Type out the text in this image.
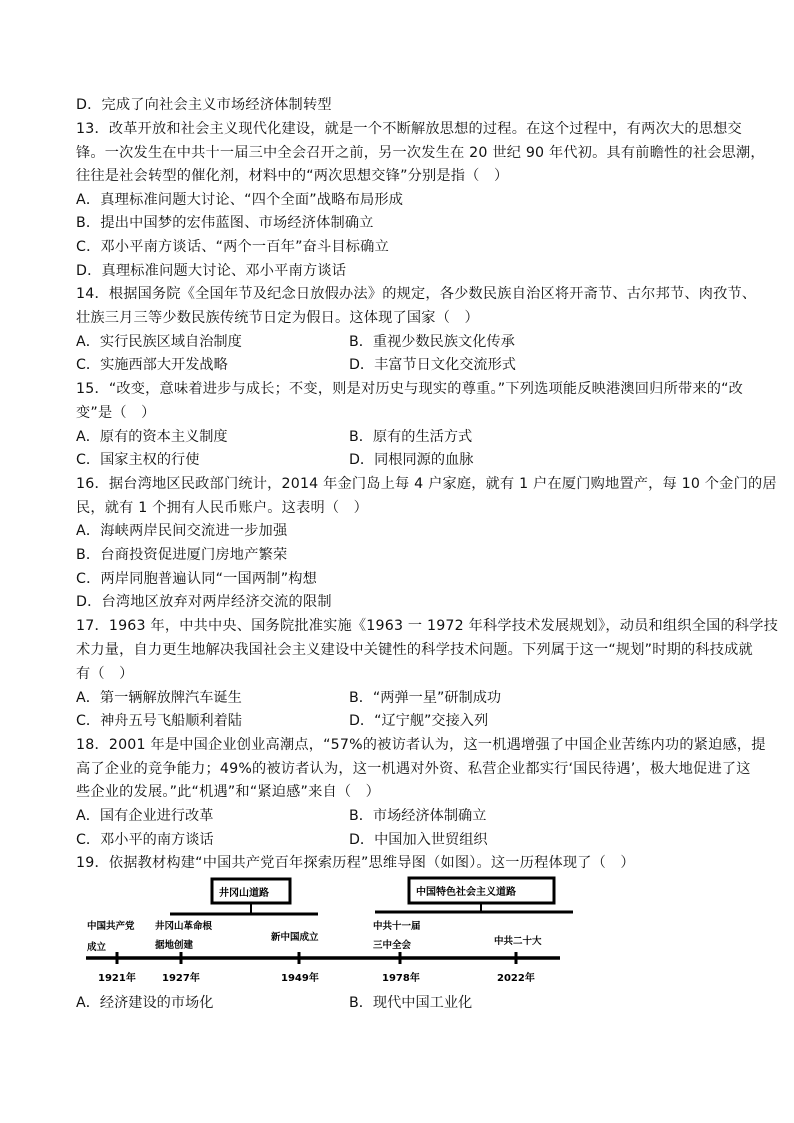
D．完成了向社会主义市场经济体制转型
13．改革开放和社会主义现代化建设，就是一个不断解放思想的过程。在这个过程中，有两次大的思想交
锋。一次发生在中共十一届三中全会召开之前，另一次发生在 20 世纪 90 年代初。具有前瞻性的社会思潮，
往往是社会转型的催化剂，材料中的“两次思想交锋”分别是指（　）
A．真理标准问题大讨论、“四个全面”战略布局形成
B．提出中国梦的宏伟蓝图、市场经济体制确立
C．邓小平南方谈话、“两个一百年”奋斗目标确立
D．真理标准问题大讨论、邓小平南方谈话
14．根据国务院《全国年节及纪念日放假办法》的规定，各少数民族自治区将开斋节、古尔邦节、肉孜节、
壮族三月三等少数民族传统节日定为假日。这体现了国家（　）
A．实行民族区域自治制度	B．重视少数民族文化传承
C．实施西部大开发战略	D．丰富节日文化交流形式
15．“改变，意味着进步与成长；不变，则是对历史与现实的尊重。”下列选项能反映港澳回归所带来的“改
变”是（　）
A．原有的资本主义制度	B．原有的生活方式
C．国家主权的行使	D．同根同源的血脉
16．据台湾地区民政部门统计，2014 年金门岛上每 4 户家庭，就有 1 户在厦门购地置产，每 10 个金门的居
民，就有 1 个拥有人民币账户。这表明（　）
A．海峡两岸民间交流进一步加强
B．台商投资促进厦门房地产繁荣
C．两岸同胞普遍认同“一国两制”构想
D．台湾地区放弃对两岸经济交流的限制
17．1963 年，中共中央、国务院批准实施《1963 一 1972 年科学技术发展规划》，动员和组织全国的科学技
术力量，自力更生地解决我国社会主义建设中关键性的科学技术问题。下列属于这一“规划”时期的科技成就
有（　）
A．第一辆解放牌汽车诞生	B．“两弹一星”研制成功
C．神舟五号飞船顺利着陆	D．“辽宁舰”交接入列
18．2001 年是中国企业创业高潮点，“57%的被访者认为，这一机遇增强了中国企业苦练内功的紧迫感，提
高了企业的竞争能力；49%的被访者认为，这一机遇对外资、私营企业都实行‘国民待遇’，极大地促进了这
些企业的发展。”此“机遇”和“紧迫感”来自（　）
A．国有企业进行改革	B．市场经济体制确立
C．邓小平的南方谈话	D．中国加入世贸组织
19．依据教材构建“中国共产党百年探索历程”思维导图（如图）。这一历程体现了（　）
井冈山道路	中国特色社会主义道路
中国共产党
成立
井冈山革命根
据地创建
新中国成立
中共十一届
三中全会	中共二十大
1921年	1927年	1949年	1978年	2022年
A．经济建设的市场化	B．现代中国工业化
